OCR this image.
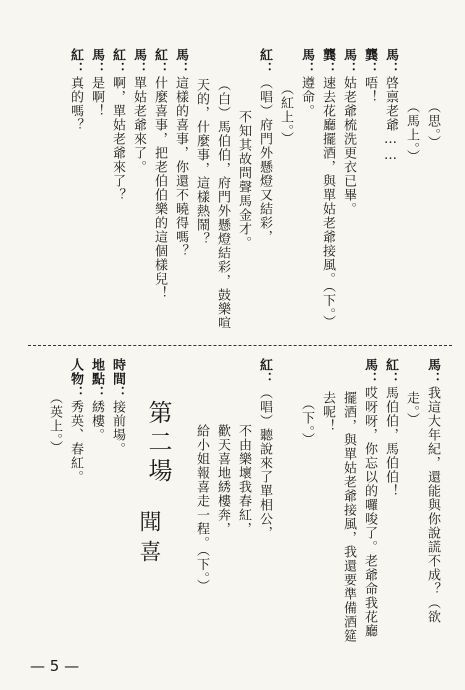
（思。）
（馬上。）
馬：啓禀老爺……
龔：唔！
馬：姑老爺梳洗更衣已畢。
龔：速去花廳擺酒，與單姑老爺接風。（下。）
馬：遵命。
（紅上。）
紅：（唱）府門外懸燈又結彩，
不知其故問聲馬金才。
（白）馬伯伯，府門外懸燈結彩，鼓樂喧
天的，什麼事，這樣熱鬧？
馬：這樣的喜事，你還不曉得嗎？
紅：什麼喜事，把老伯伯樂的這個樣兒！
馬：單姑老爺來了。
紅：啊，單姑老爺來了？
馬：是啊！
紅：真的嗎？
馬：我這大年紀，還能與你說謊不成？（欲
走。）
紅：馬伯伯，馬伯伯！
馬：哎呀呀，你忘以的囉唆了。老爺命我花廳
擺酒，與單姑老爺接風，我還要準備酒筵
去呢！
（下。）
紅：（唱）聽說來了單相公，
不由樂壞我春紅，
歡天喜地綉樓奔，
給小姐報喜走一程。（下。）
第二場
聞喜
時間：接前場。
地點：綉樓。
人物：秀英、春紅。
（英上。）
— 5 —
